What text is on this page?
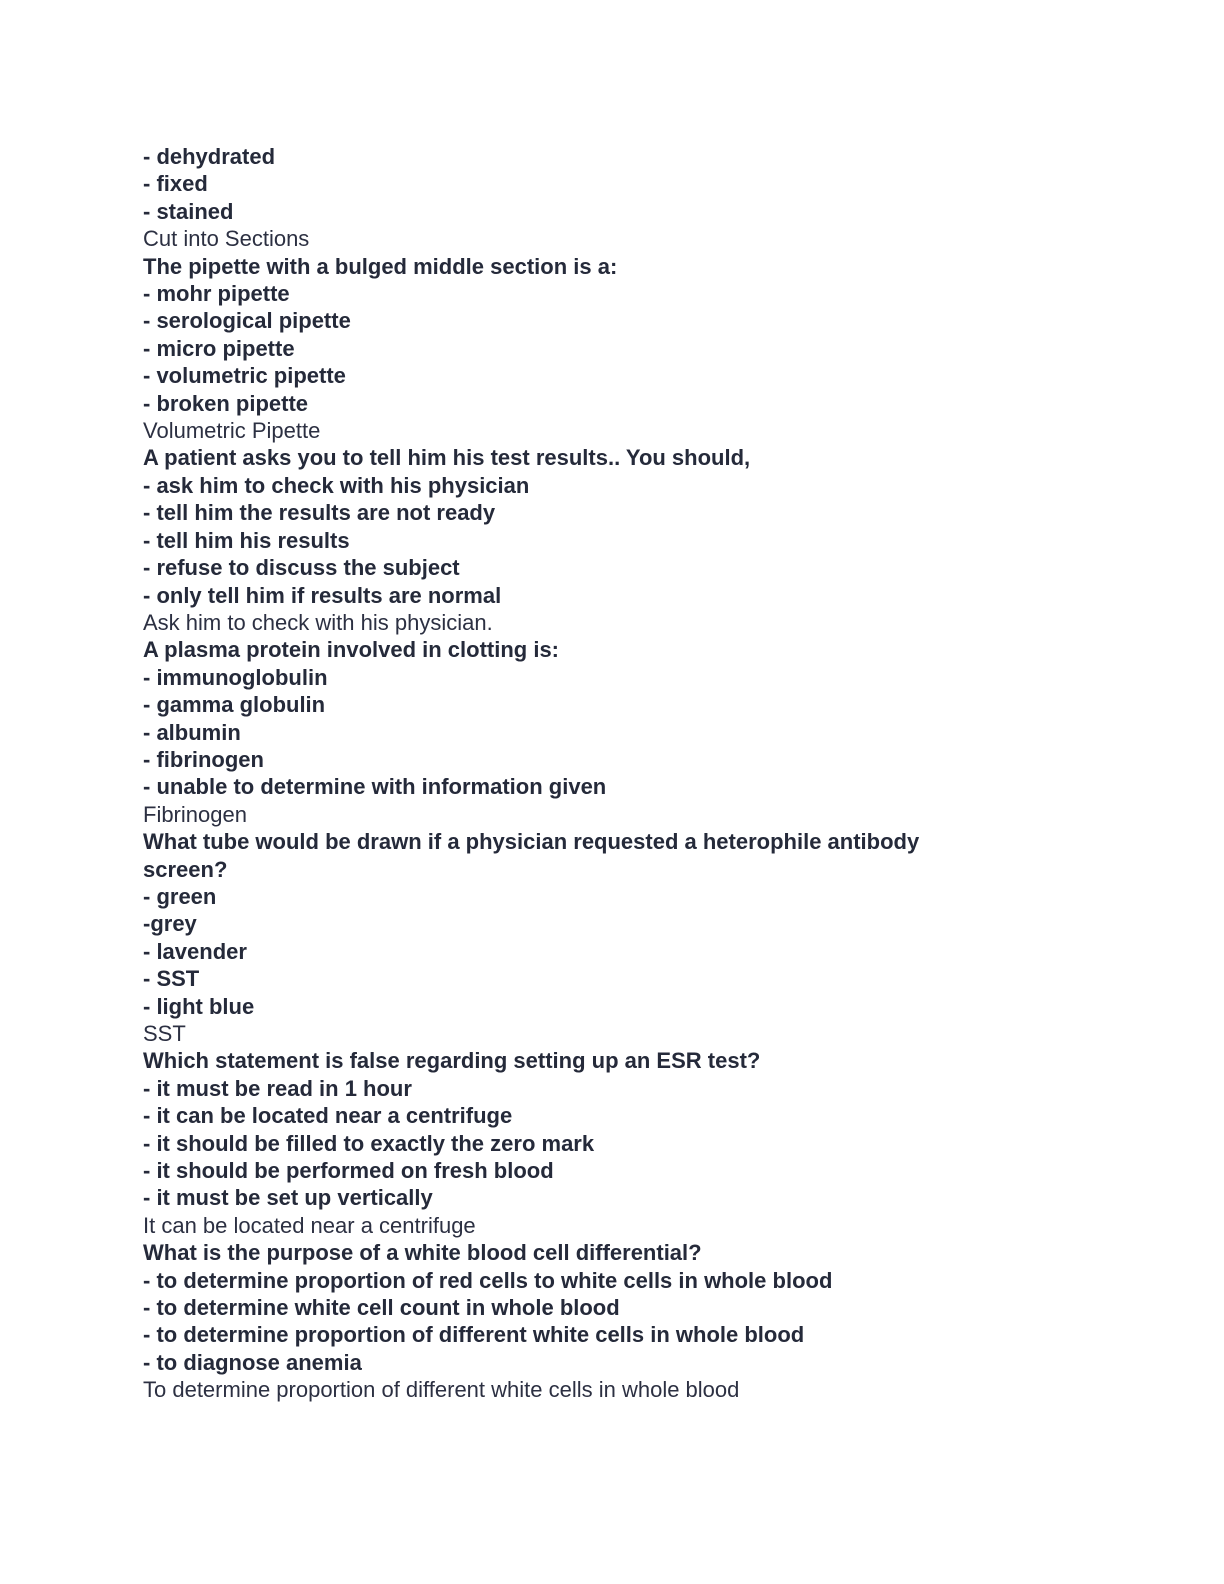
- dehydrated
- fixed
- stained
Cut into Sections
The pipette with a bulged middle section is a:
- mohr pipette
- serological pipette
- micro pipette
- volumetric pipette
- broken pipette
Volumetric Pipette
A patient asks you to tell him his test results.. You should,
- ask him to check with his physician
- tell him the results are not ready
- tell him his results
- refuse to discuss the subject
- only tell him if results are normal
Ask him to check with his physician.
A plasma protein involved in clotting is:
- immunoglobulin
- gamma globulin
- albumin
- fibrinogen
- unable to determine with information given
Fibrinogen
What tube would be drawn if a physician requested a heterophile antibody screen?
- green
-grey
- lavender
- SST
- light blue
SST
Which statement is false regarding setting up an ESR test?
- it must be read in 1 hour
- it can be located near a centrifuge
- it should be filled to exactly the zero mark
- it should be performed on fresh blood
- it must be set up vertically
It can be located near a centrifuge
What is the purpose of a white blood cell differential?
- to determine proportion of red cells to white cells in whole blood
- to determine white cell count in whole blood
- to determine proportion of different white cells in whole blood
- to diagnose anemia
To determine proportion of different white cells in whole blood
